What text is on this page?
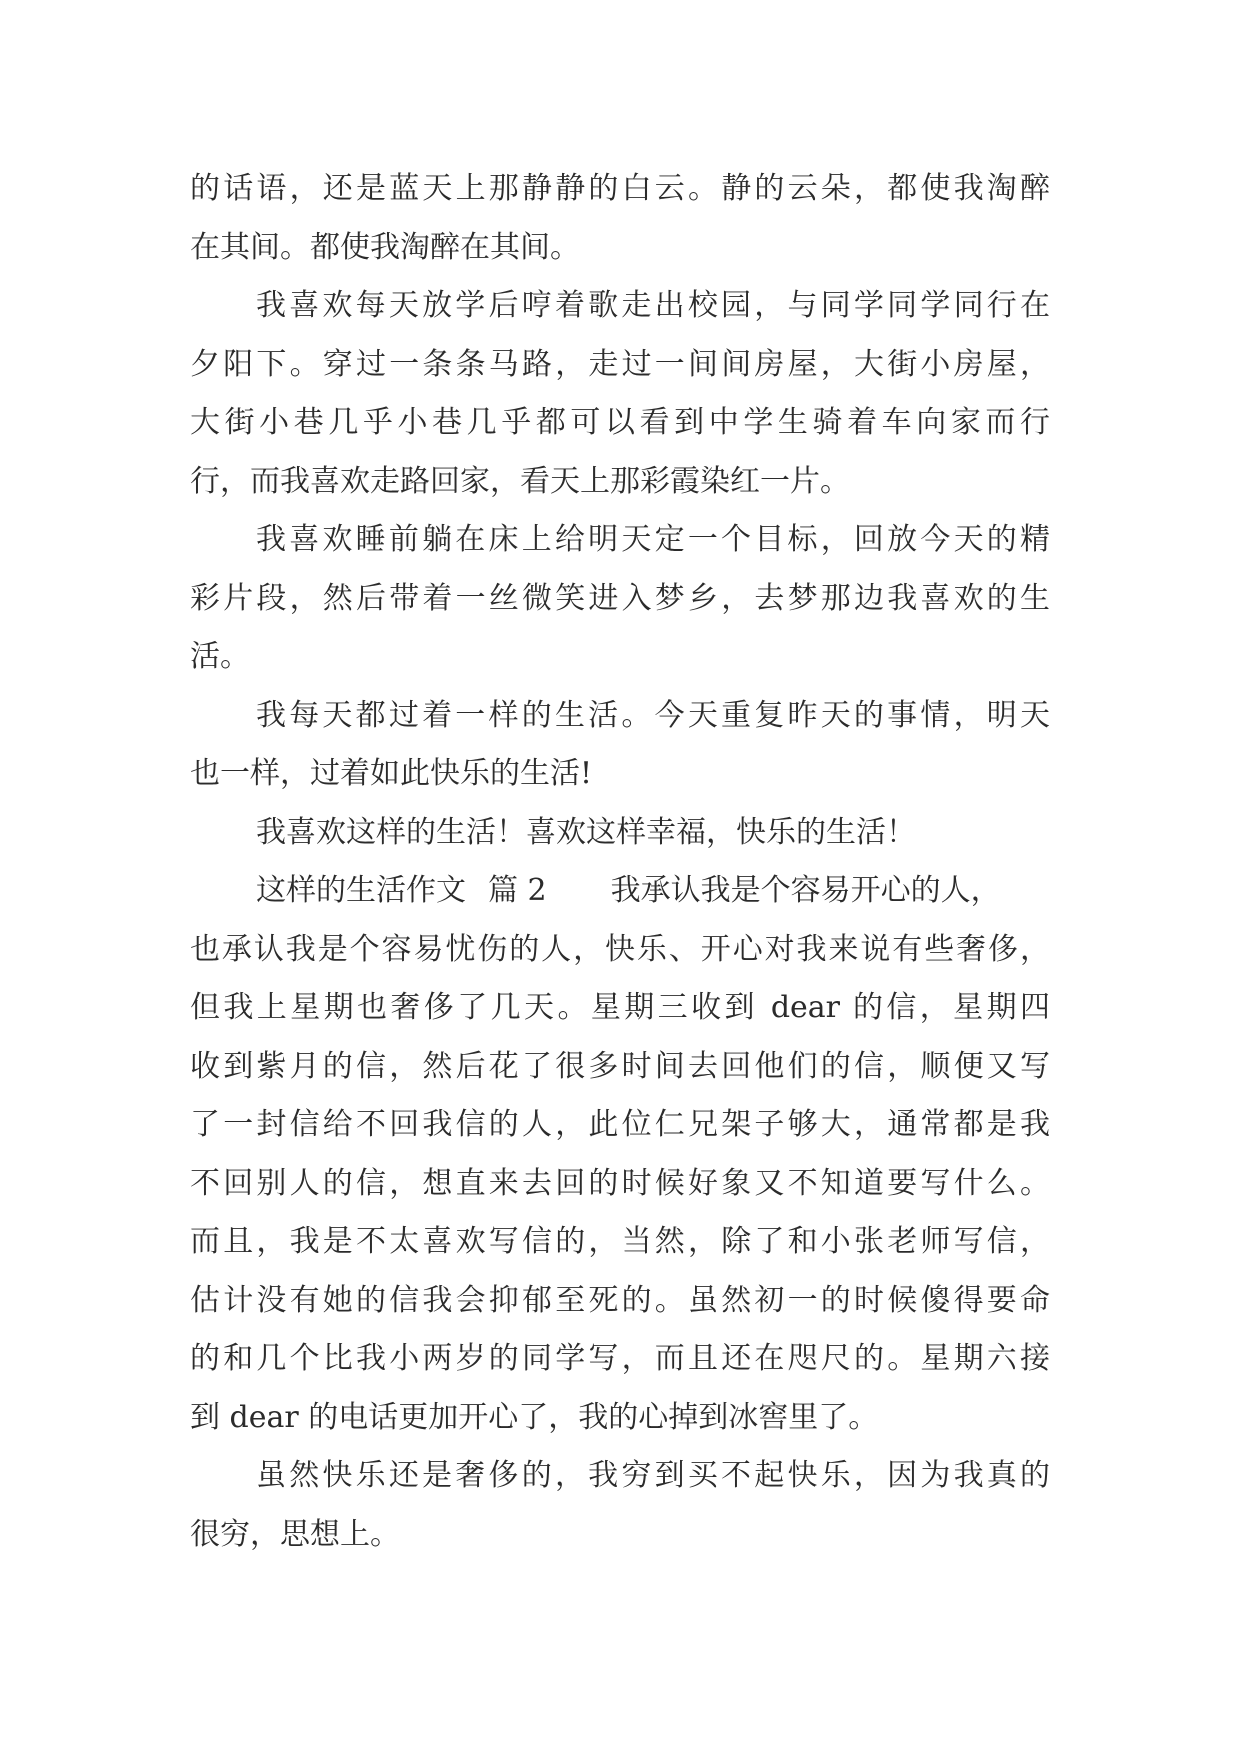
的话语，还是蓝天上那静静的白云。静的云朵，都使我淘醉
在其间。都使我淘醉在其间。
我喜欢每天放学后哼着歌走出校园，与同学同学同行在
夕阳下。穿过一条条马路，走过一间间房屋，大街小房屋，
大街小巷几乎小巷几乎都可以看到中学生骑着车向家而行
行，而我喜欢走路回家，看天上那彩霞染红一片。
我喜欢睡前躺在床上给明天定一个目标，回放今天的精
彩片段，然后带着一丝微笑进入梦乡，去梦那边我喜欢的生
活。
我每天都过着一样的生活。今天重复昨天的事情，明天
也一样，过着如此快乐的生活!
我喜欢这样的生活！喜欢这样幸福，快乐的生活！
这样的生活作文 篇 2 我承认我是个容易开心的人，
也承认我是个容易忧伤的人，快乐、开心对我来说有些奢侈，
但我上星期也奢侈了几天。星期三收到 dear 的信，星期四
收到紫月的信，然后花了很多时间去回他们的信，顺便又写
了一封信给不回我信的人，此位仁兄架子够大，通常都是我
不回别人的信，想直来去回的时候好象又不知道要写什么。
而且，我是不太喜欢写信的，当然，除了和小张老师写信，
估计没有她的信我会抑郁至死的。虽然初一的时候傻得要命
的和几个比我小两岁的同学写，而且还在咫尺的。星期六接
到 dear 的电话更加开心了，我的心掉到冰窖里了。
虽然快乐还是奢侈的，我穷到买不起快乐，因为我真的
很穷，思想上。
